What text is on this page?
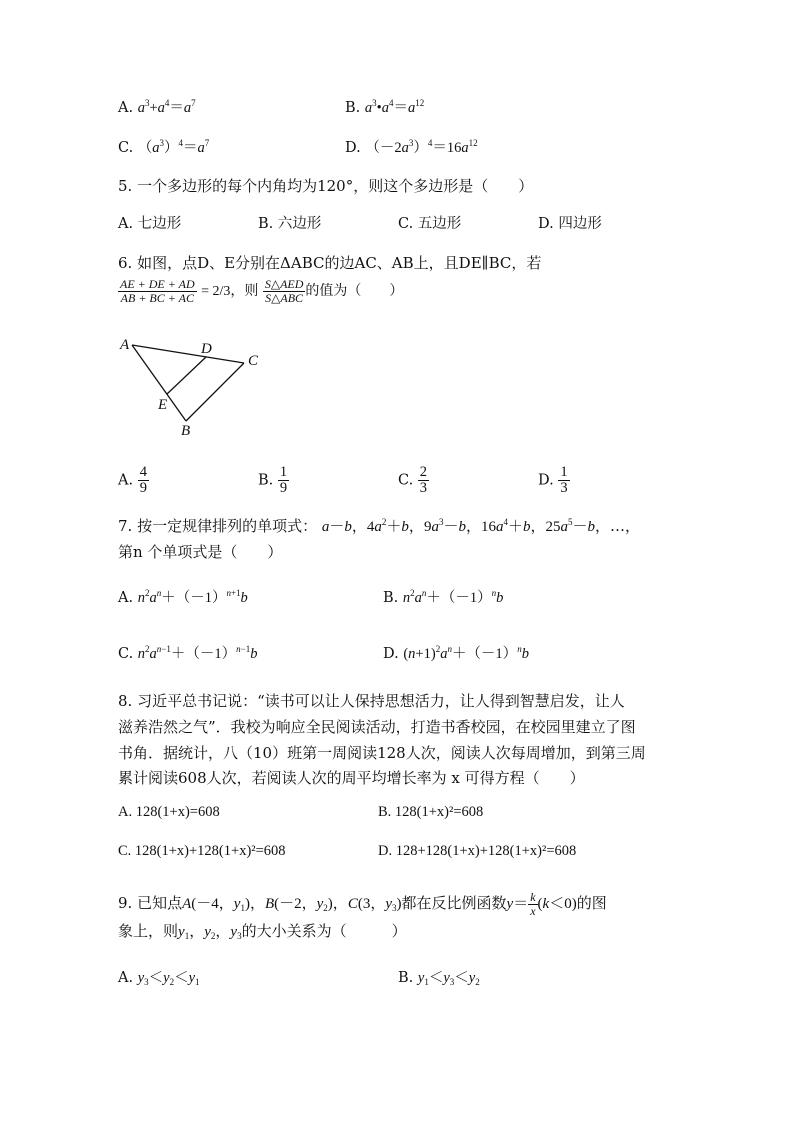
A. $a^3+a^4=a^7$	B. $a^3•a^4=a^{12}$
C. $(a^3)^4=a^7$	D. $(-2a^3)^4=16a^{12}$
5. 一个多边形的每个内角均为120°，则这个多边形是（　　）
A. 七边形	B. 六边形	C. 五边形	D. 四边形
6. 如图，点D、E分别在ΔABC的边AC、AB上，且DE∥BC，若
$\frac{AE + DE + AD}{AB + BC + AC} = 2/3$，则 $\frac{\text{S△AED}}{\text{S△ABC}}$ 的值为（　　）
A	D
C
E
B
A. $\frac{4}{9}$	B. $\frac{1}{9}$	C. $\frac{2}{3}$	D. $\frac{1}{3}$
7. 按一定规律排列的单项式： a－b，$4a^2+b$，$9a^3-b$，$16a^4+b$，$25a^5-b$，…，
第n 个单项式是（　　）
A. $n^2a^n+(-1)^{n+1}b$	B. $n^2a^n+(-1)^nb$
C. $n^2a^{n-1}+(-1)^{n-1}b$	D. $(n+1)^2a^n+(-1)^nb$
8. 习近平总书记说：“读书可以让人保持思想活力，让人得到智慧启发，让人
滋养浩然之气”．我校为响应全民阅读活动，打造书香校园，在校园里建立了图
书角．据统计，八（10）班第一周阅读128人次，阅读人次每周增加，到第三周
累计阅读608人次，若阅读人次的周平均增长率为 x 可得方程（　　）
A. 128(1+x)=608	B. 128(1+x)²=608
C. 128(1+x)+128(1+x)²=608	D. 128+128(1+x)+128(1+x)²=608
9. 已知点A(－4，$y_1$)，B(－2，$y_2$)，C(3，$y_3$)都在反比例函数$y= \frac{k}{x} (k<0)$的图
象上，则$y_1$，$y_2$，$y_3$的大小关系为（　　　）
A. $y_3<y_2<y_1$	B. $y_1<y_3<y_2$
